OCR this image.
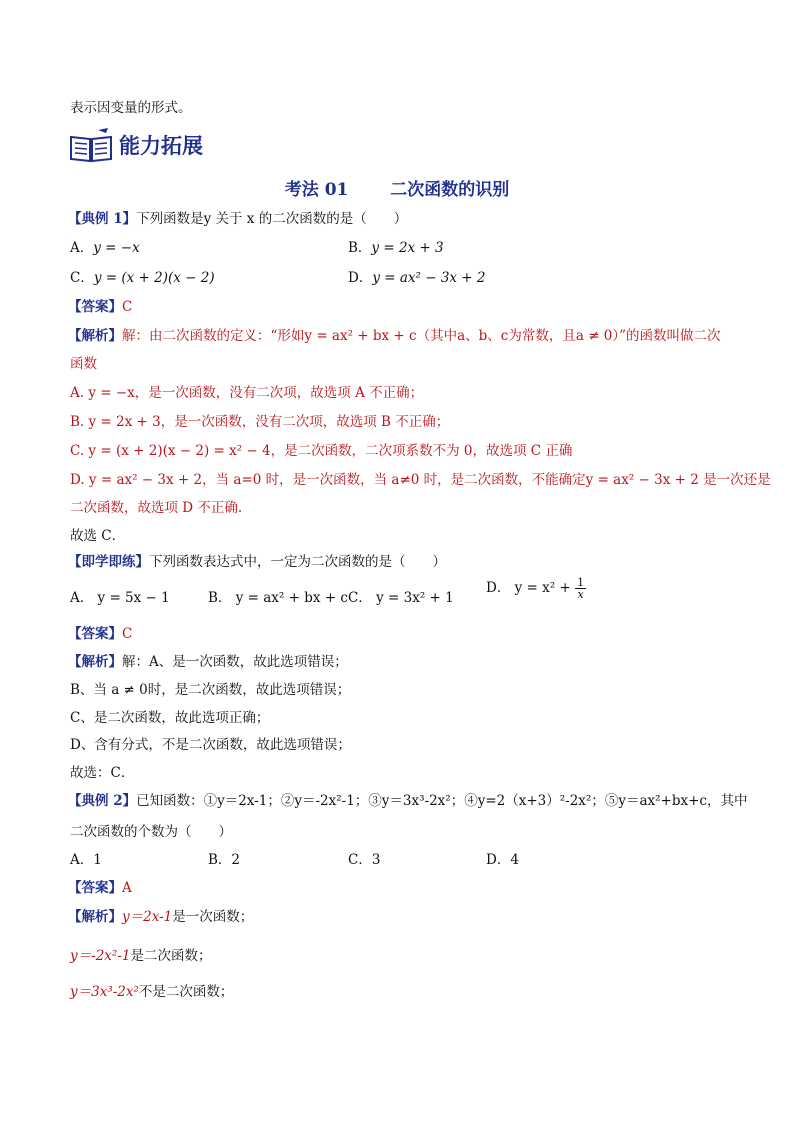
表示因变量的形式。
能力拓展
考法 01 二次函数的识别
【典例 1】下列函数是y 关于 x 的二次函数的是（　　）
A．y = −x	B．y = 2x + 3
C．y = (x + 2)(x − 2)	D．y = ax² − 3x + 2
【答案】C
【解析】解：由二次函数的定义：“形如y = ax² + bx + c（其中a、b、c为常数，且a ≠ 0）”的函数叫做二次
函数
A. y = −x，是一次函数，没有二次项，故选项 A 不正确；
B. y = 2x + 3，是一次函数，没有二次项，故选项 B 不正确；
C. y = (x + 2)(x − 2) = x² − 4，是二次函数，二次项系数不为 0，故选项 C 正确
D. y = ax² − 3x + 2，当 a=0 时，是一次函数，当 a≠0 时，是二次函数，不能确定y = ax² − 3x + 2 是一次还是
二次函数，故选项 D 不正确.
故选 C．
【即学即练】下列函数表达式中，一定为二次函数的是（　　）
A． y = 5x − 1	B． y = ax² + bx + c C． y = 3x² + 1
D． $y = x^2 + \frac{1}{x}$
【答案】C
【解析】解：A、是一次函数，故此选项错误；
B、当 a ≠ 0时，是二次函数，故此选项错误；
C、是二次函数，故此选项正确；
D、含有分式，不是二次函数，故此选项错误；
故选：C．
【典例 2】已知函数：①y＝2x-1；②y＝-2x²-1；③y＝3x³-2x²；④y=2（x+3）²-2x²；⑤y＝ax²+bx+c，其中
二次函数的个数为（　　）
A．1	B．2	C．3	D．4
【答案】A
【解析】y＝2x-1是一次函数；
y＝-2x²-1是二次函数；
y＝3x³-2x²不是二次函数；
